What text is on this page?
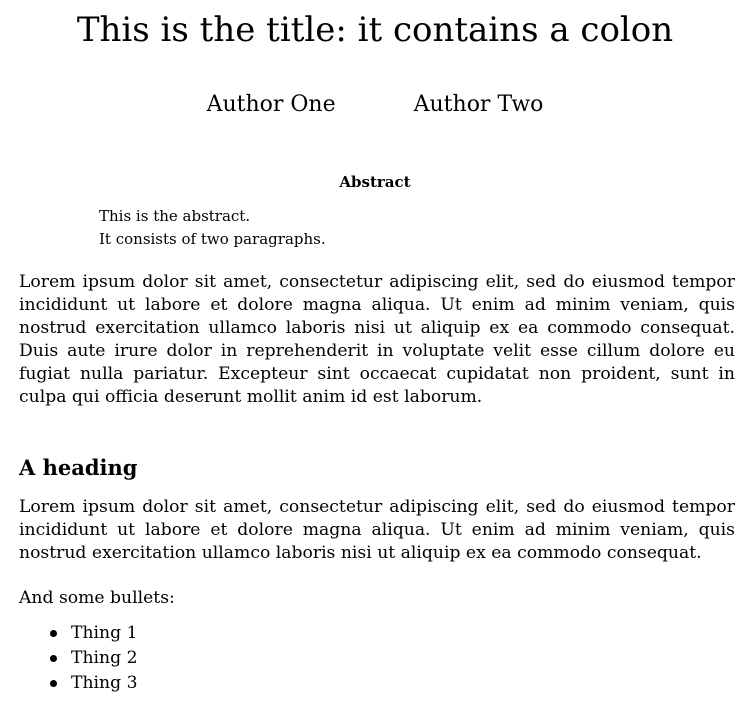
This is the title: it contains a colon
Author One	Author Two
Abstract

This is the abstract.

It consists of two paragraphs.

Lorem ipsum dolor sit amet, consectetur adipiscing elit, sed do eiusmod tempor incididunt ut labore et dolore magna aliqua. Ut enim ad minim veniam, quis nostrud exercitation ullamco laboris nisi ut aliquip ex ea commodo consequat. Duis aute irure dolor in reprehenderit in voluptate velit esse cillum dolore eu fugiat nulla pariatur. Excepteur sint occaecat cupidatat non proident, sunt in culpa qui officia deserunt mollit anim id est laborum.

A heading

Lorem ipsum dolor sit amet, consectetur adipiscing elit, sed do eiusmod tempor incididunt ut labore et dolore magna aliqua. Ut enim ad minim veniam, quis nostrud exercitation ullamco laboris nisi ut aliquip ex ea commodo consequat.

And some bullets:

Thing 1
Thing 2
Thing 3
